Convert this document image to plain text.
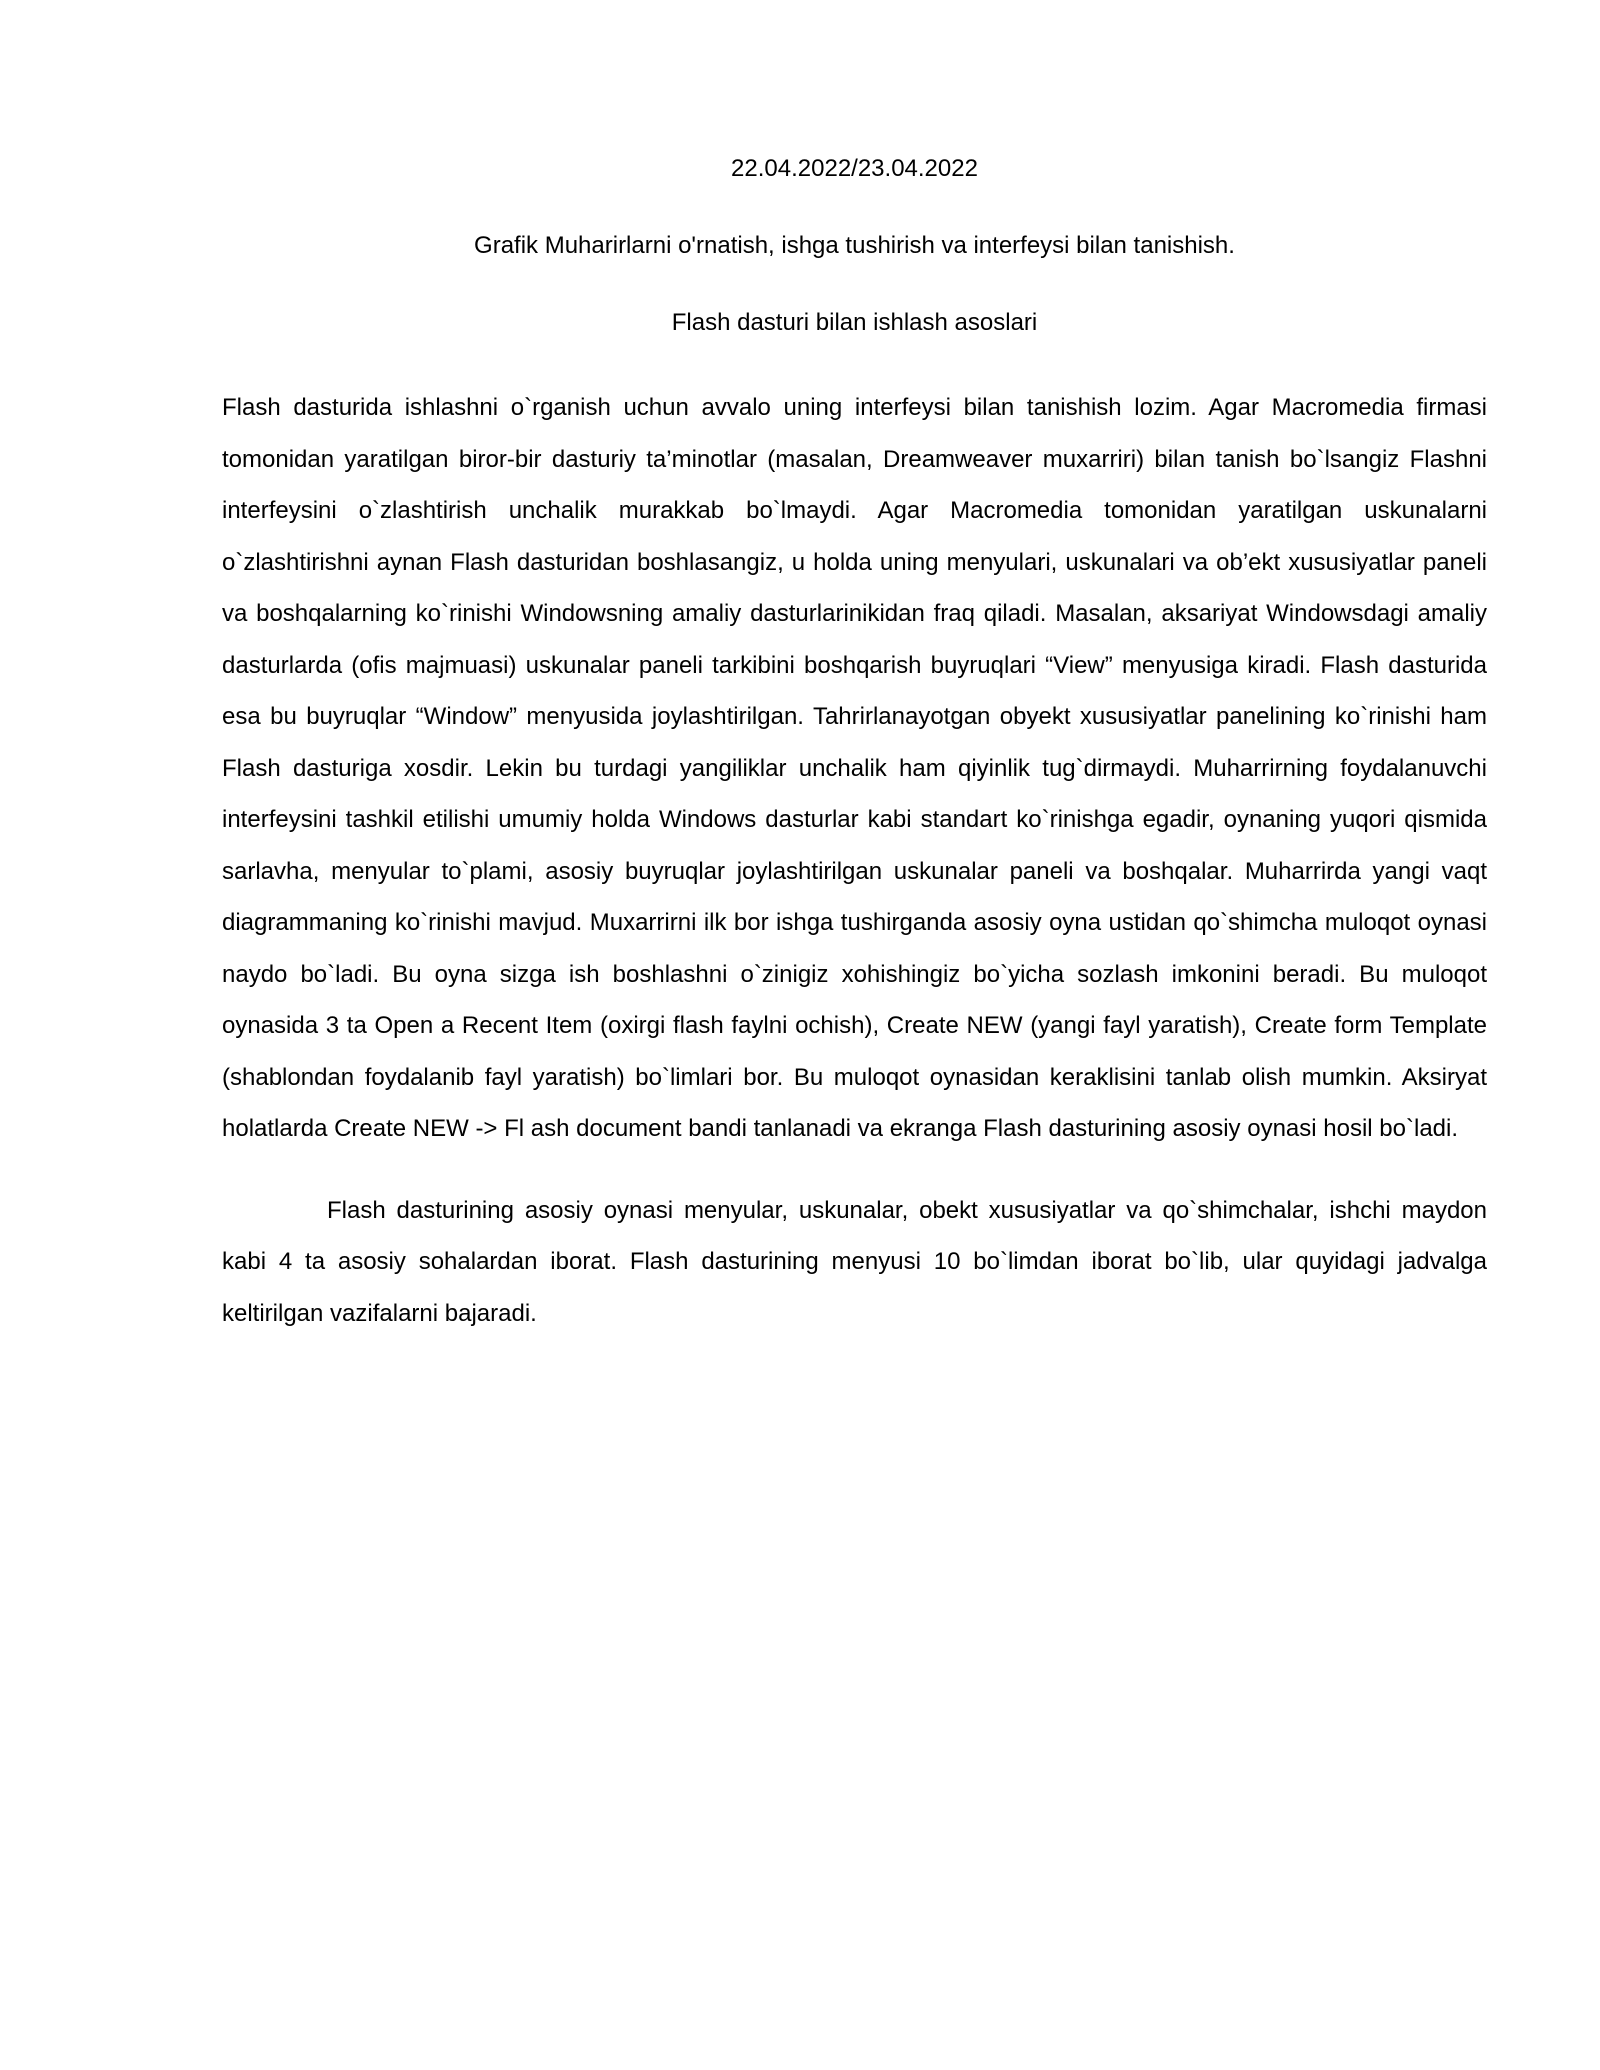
22.04.2022/23.04.2022
Grafik Muharirlarni o'rnatish, ishga tushirish va interfeysi bilan tanishish.
Flash dasturi bilan ishlash asoslari

Flash dasturida ishlashni o`rganish uchun avvalo uning interfeysi bilan tanishish lozim. Agar Macromedia firmasi tomonidan yaratilgan biror-bir dasturiy ta’minotlar (masalan, Dreamweaver muxarriri) bilan tanish bo`lsangiz Flashni interfeysini o`zlashtirish unchalik murakkab bo`lmaydi. Agar Macromedia tomonidan yaratilgan uskunalarni o`zlashtirishni aynan Flash dasturidan boshlasangiz, u holda uning menyulari, uskunalari va ob’ekt xususiyatlar paneli va boshqalarning ko`rinishi Windowsning amaliy dasturlarinikidan fraq qiladi. Masalan, aksariyat Windowsdagi amaliy dasturlarda (ofis majmuasi) uskunalar paneli tarkibini boshqarish buyruqlari “View” menyusiga kiradi. Flash dasturida esa bu buyruqlar “Window” menyusida joylashtirilgan. Tahrirlanayotgan obyekt xususiyatlar panelining ko`rinishi ham Flash dasturiga xosdir. Lekin bu turdagi yangiliklar unchalik ham qiyinlik tug`dirmaydi. Muharrirning foydalanuvchi interfeysini tashkil etilishi umumiy holda Windows dasturlar kabi standart ko`rinishga egadir, oynaning yuqori qismida sarlavha, menyular to`plami, asosiy buyruqlar joylashtirilgan uskunalar paneli va boshqalar. Muharrirda yangi vaqt diagrammaning ko`rinishi mavjud. Muxarrirni ilk bor ishga tushirganda asosiy oyna ustidan qo`shimcha muloqot oynasi naydo bo`ladi. Bu oyna sizga ish boshlashni o`zinigiz xohishingiz bo`yicha sozlash imkonini beradi. Bu muloqot oynasida 3 ta Open a Recent Item (oxirgi flash faylni ochish), Create NEW (yangi fayl yaratish), Create form Template (shablondan foydalanib fayl yaratish) bo`limlari bor. Bu muloqot oynasidan keraklisini tanlab olish mumkin. Aksiryat holatlarda Create NEW -> Fl ash document bandi tanlanadi va ekranga Flash dasturining asosiy oynasi hosil bo`ladi.

Flash dasturining asosiy oynasi menyular, uskunalar, obekt xususiyatlar va qo`shimchalar, ishchi maydon kabi 4 ta asosiy sohalardan iborat. Flash dasturining menyusi 10 bo`limdan iborat bo`lib, ular quyidagi jadvalga keltirilgan vazifalarni bajaradi.
